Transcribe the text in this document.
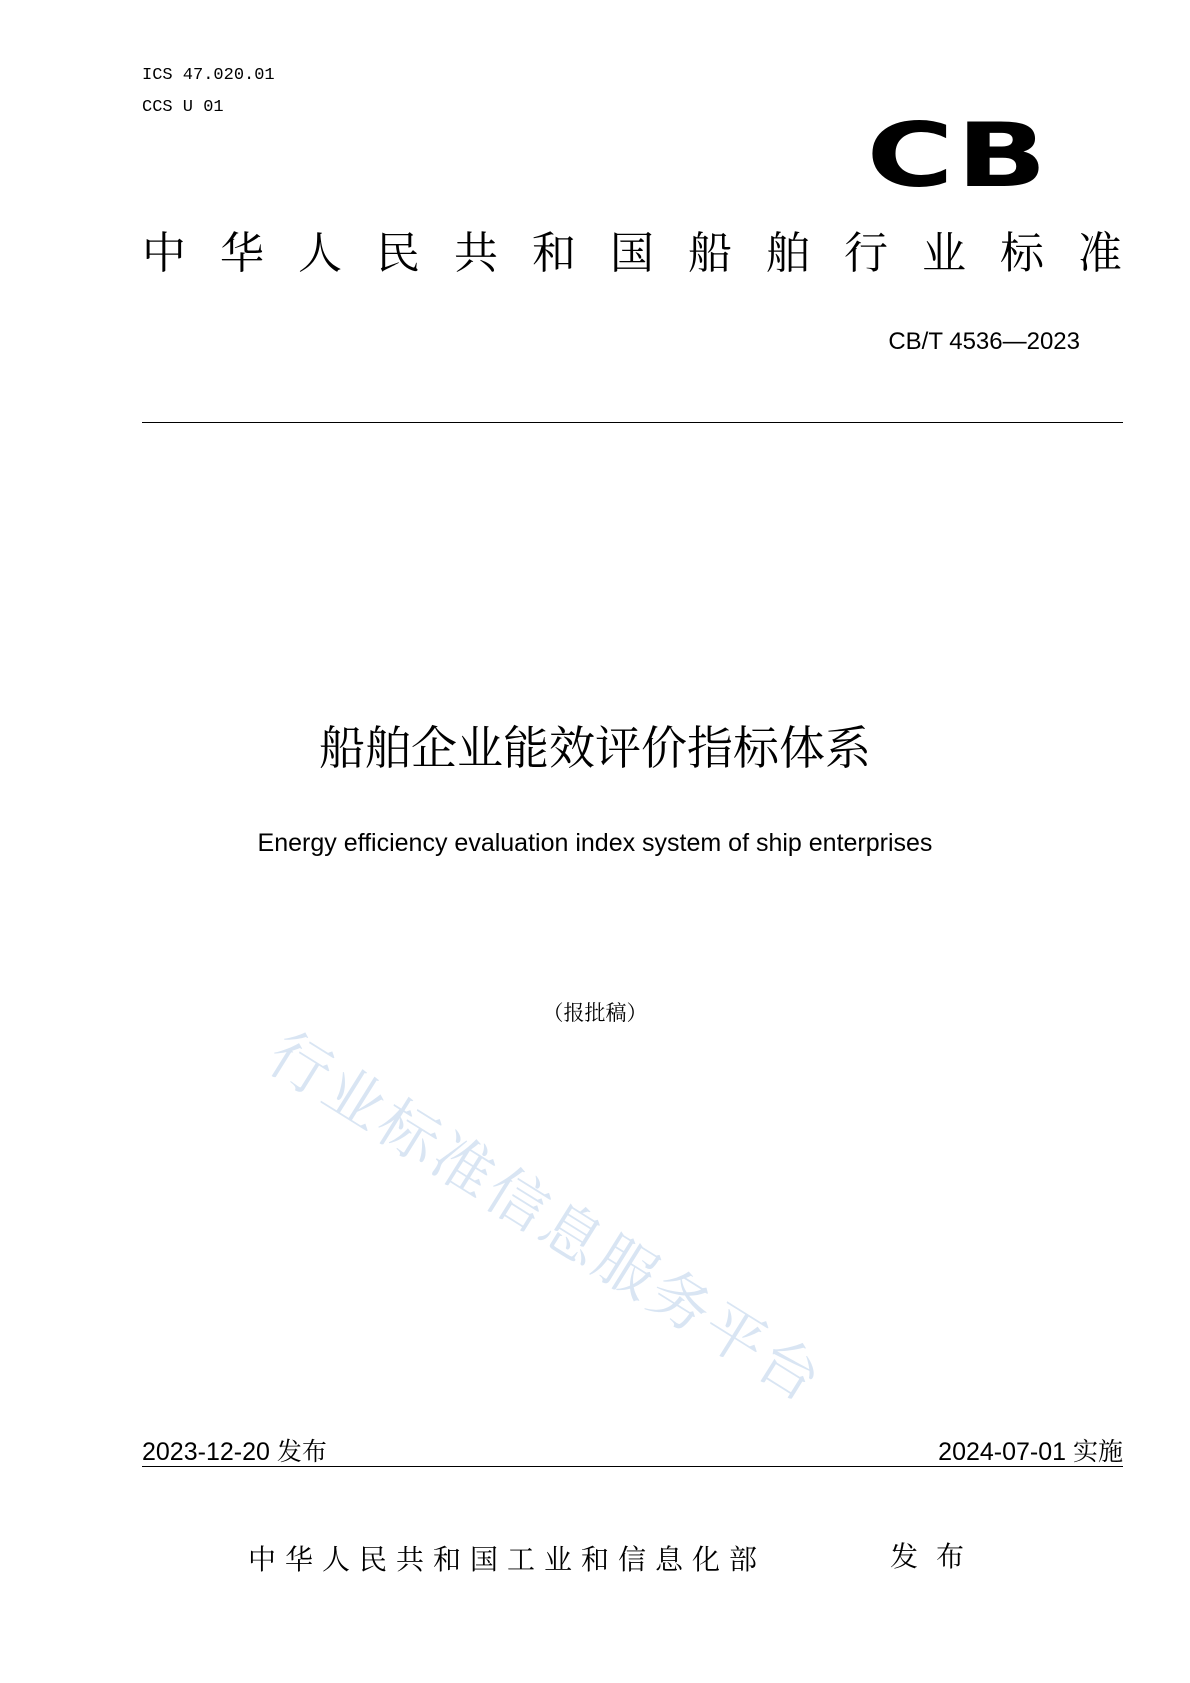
ICS 47.020.01
CCS U 01	CB
中华人民共和国船舶行业标准
CB/T 4536—2023
船舶企业能效评价指标体系
Energy efficiency evaluation index system of ship enterprises
（报批稿）
行业标准信息服务平台
2023-12-20 发布	2024-07-01 实施
中华人民共和国工业和信息化部	发布
